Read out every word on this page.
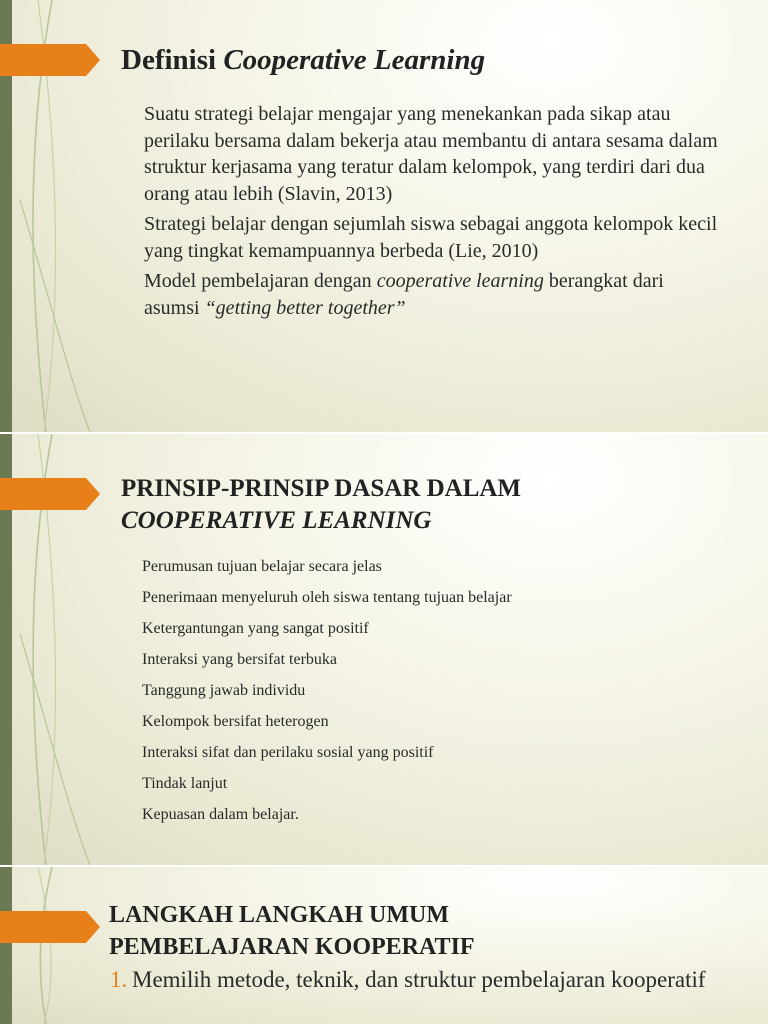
Definisi Cooperative Learning
Suatu strategi belajar mengajar yang menekankan pada sikap atau perilaku bersama dalam bekerja atau membantu di antara sesama dalam struktur kerjasama yang teratur dalam kelompok, yang terdiri dari dua orang atau lebih (Slavin, 2013)
Strategi belajar dengan sejumlah siswa sebagai anggota kelompok kecil yang tingkat kemampuannya berbeda (Lie, 2010)
Model pembelajaran dengan cooperative learning berangkat dari asumsi “getting better together”
PRINSIP-PRINSIP DASAR DALAM
COOPERATIVE LEARNING
Perumusan tujuan belajar secara jelas
Penerimaan menyeluruh oleh siswa tentang tujuan belajar
Ketergantungan yang sangat positif
Interaksi yang bersifat terbuka
Tanggung jawab individu
Kelompok bersifat heterogen
Interaksi sifat dan perilaku sosial yang positif
Tindak lanjut
Kepuasan dalam belajar.
LANGKAH LANGKAH UMUM
PEMBELAJARAN KOOPERATIF
1. Memilih metode, teknik, dan struktur pembelajaran kooperatif
